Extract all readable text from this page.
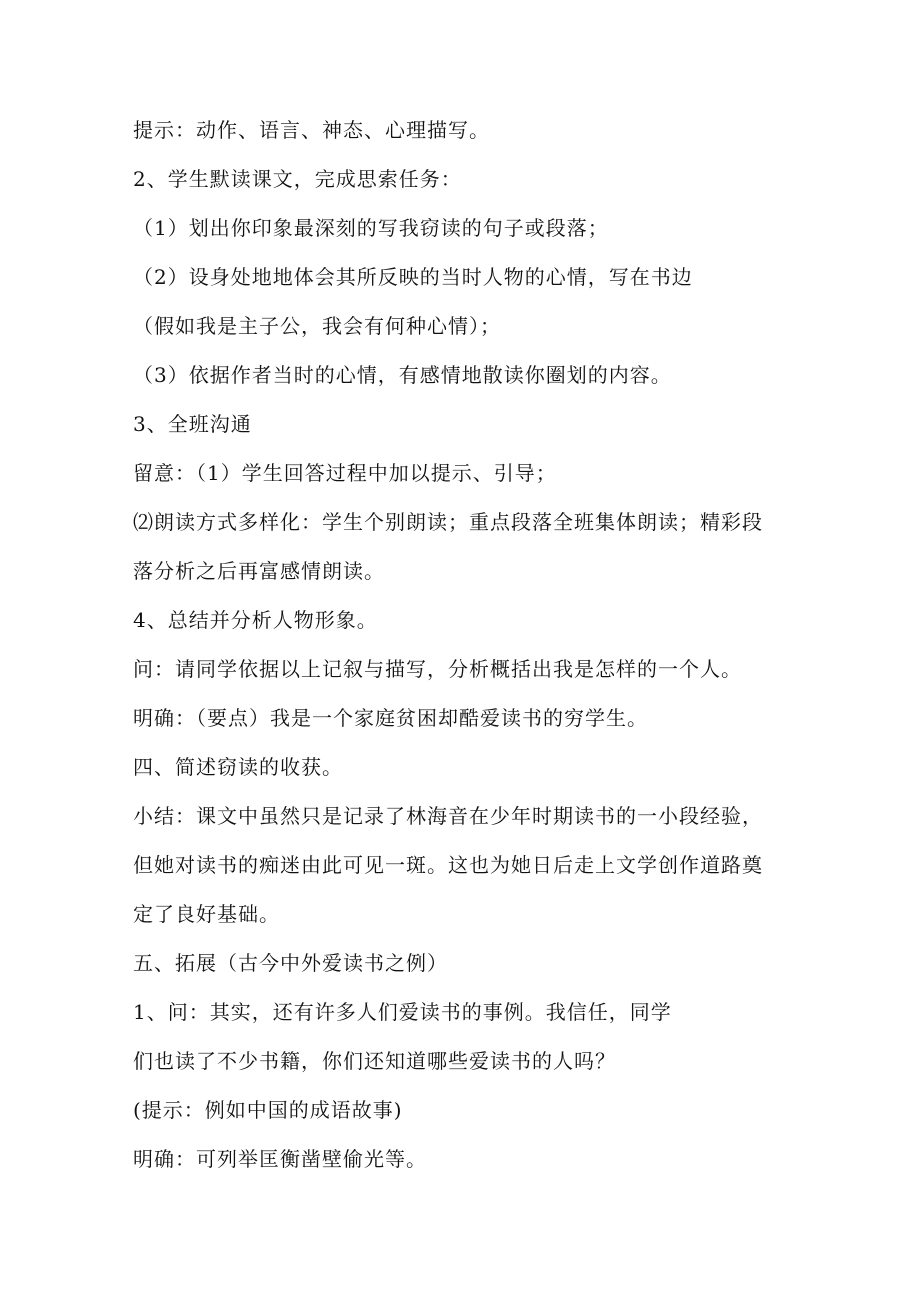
提示：动作、语言、神态、心理描写。
2、学生默读课文，完成思索任务：
（1）划出你印象最深刻的写我窃读的句子或段落；
（2）设身处地地体会其所反映的当时人物的心情，写在书边
（假如我是主子公，我会有何种心情）；
（3）依据作者当时的心情，有感情地散读你圈划的内容。
3、全班沟通
留意：（1）学生回答过程中加以提示、引导；
⑵朗读方式多样化：学生个别朗读；重点段落全班集体朗读；精彩段
落分析之后再富感情朗读。
4、总结并分析人物形象。
问：请同学依据以上记叙与描写，分析概括出我是怎样的一个人。
明确：（要点）我是一个家庭贫困却酷爱读书的穷学生。
四、简述窃读的收获。
小结：课文中虽然只是记录了林海音在少年时期读书的一小段经验，
但她对读书的痴迷由此可见一斑。这也为她日后走上文学创作道路奠
定了良好基础。
五、拓展（古今中外爱读书之例）
1、问：其实，还有许多人们爱读书的事例。我信任，同学
们也读了不少书籍，你们还知道哪些爱读书的人吗？
(提示：例如中国的成语故事)
明确：可列举匡衡凿壁偷光等。
